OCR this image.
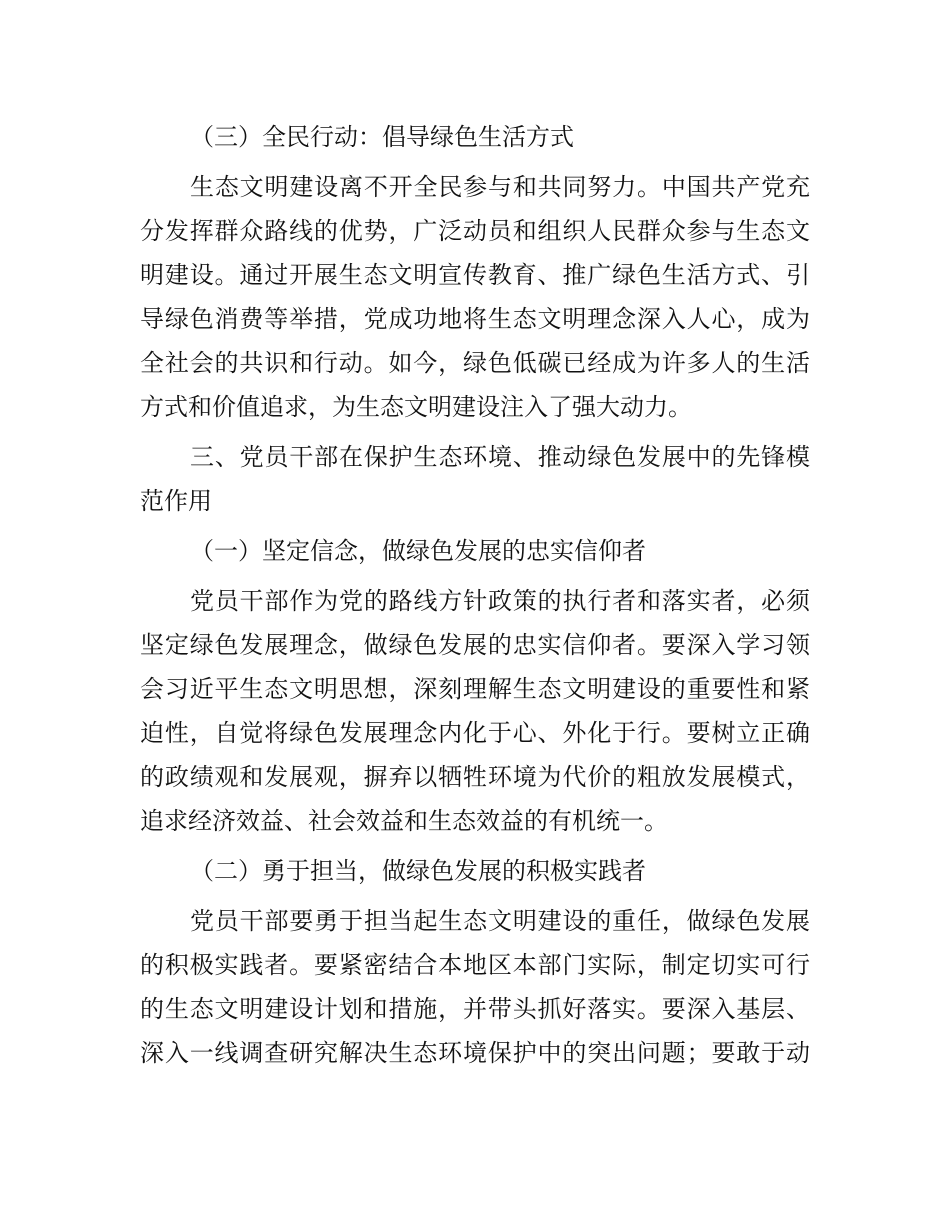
（三）全民行动：倡导绿色生活方式
生态文明建设离不开全民参与和共同努力。中国共产党充
分发挥群众路线的优势，广泛动员和组织人民群众参与生态文
明建设。通过开展生态文明宣传教育、推广绿色生活方式、引
导绿色消费等举措，党成功地将生态文明理念深入人心，成为
全社会的共识和行动。如今，绿色低碳已经成为许多人的生活
方式和价值追求，为生态文明建设注入了强大动力。
三、党员干部在保护生态环境、推动绿色发展中的先锋模
范作用
（一）坚定信念，做绿色发展的忠实信仰者
党员干部作为党的路线方针政策的执行者和落实者，必须
坚定绿色发展理念，做绿色发展的忠实信仰者。要深入学习领
会习近平生态文明思想，深刻理解生态文明建设的重要性和紧
迫性，自觉将绿色发展理念内化于心、外化于行。要树立正确
的政绩观和发展观，摒弃以牺牲环境为代价的粗放发展模式，
追求经济效益、社会效益和生态效益的有机统一。
（二）勇于担当，做绿色发展的积极实践者
党员干部要勇于担当起生态文明建设的重任，做绿色发展
的积极实践者。要紧密结合本地区本部门实际，制定切实可行
的生态文明建设计划和措施，并带头抓好落实。要深入基层、
深入一线调查研究解决生态环境保护中的突出问题；要敢于动
